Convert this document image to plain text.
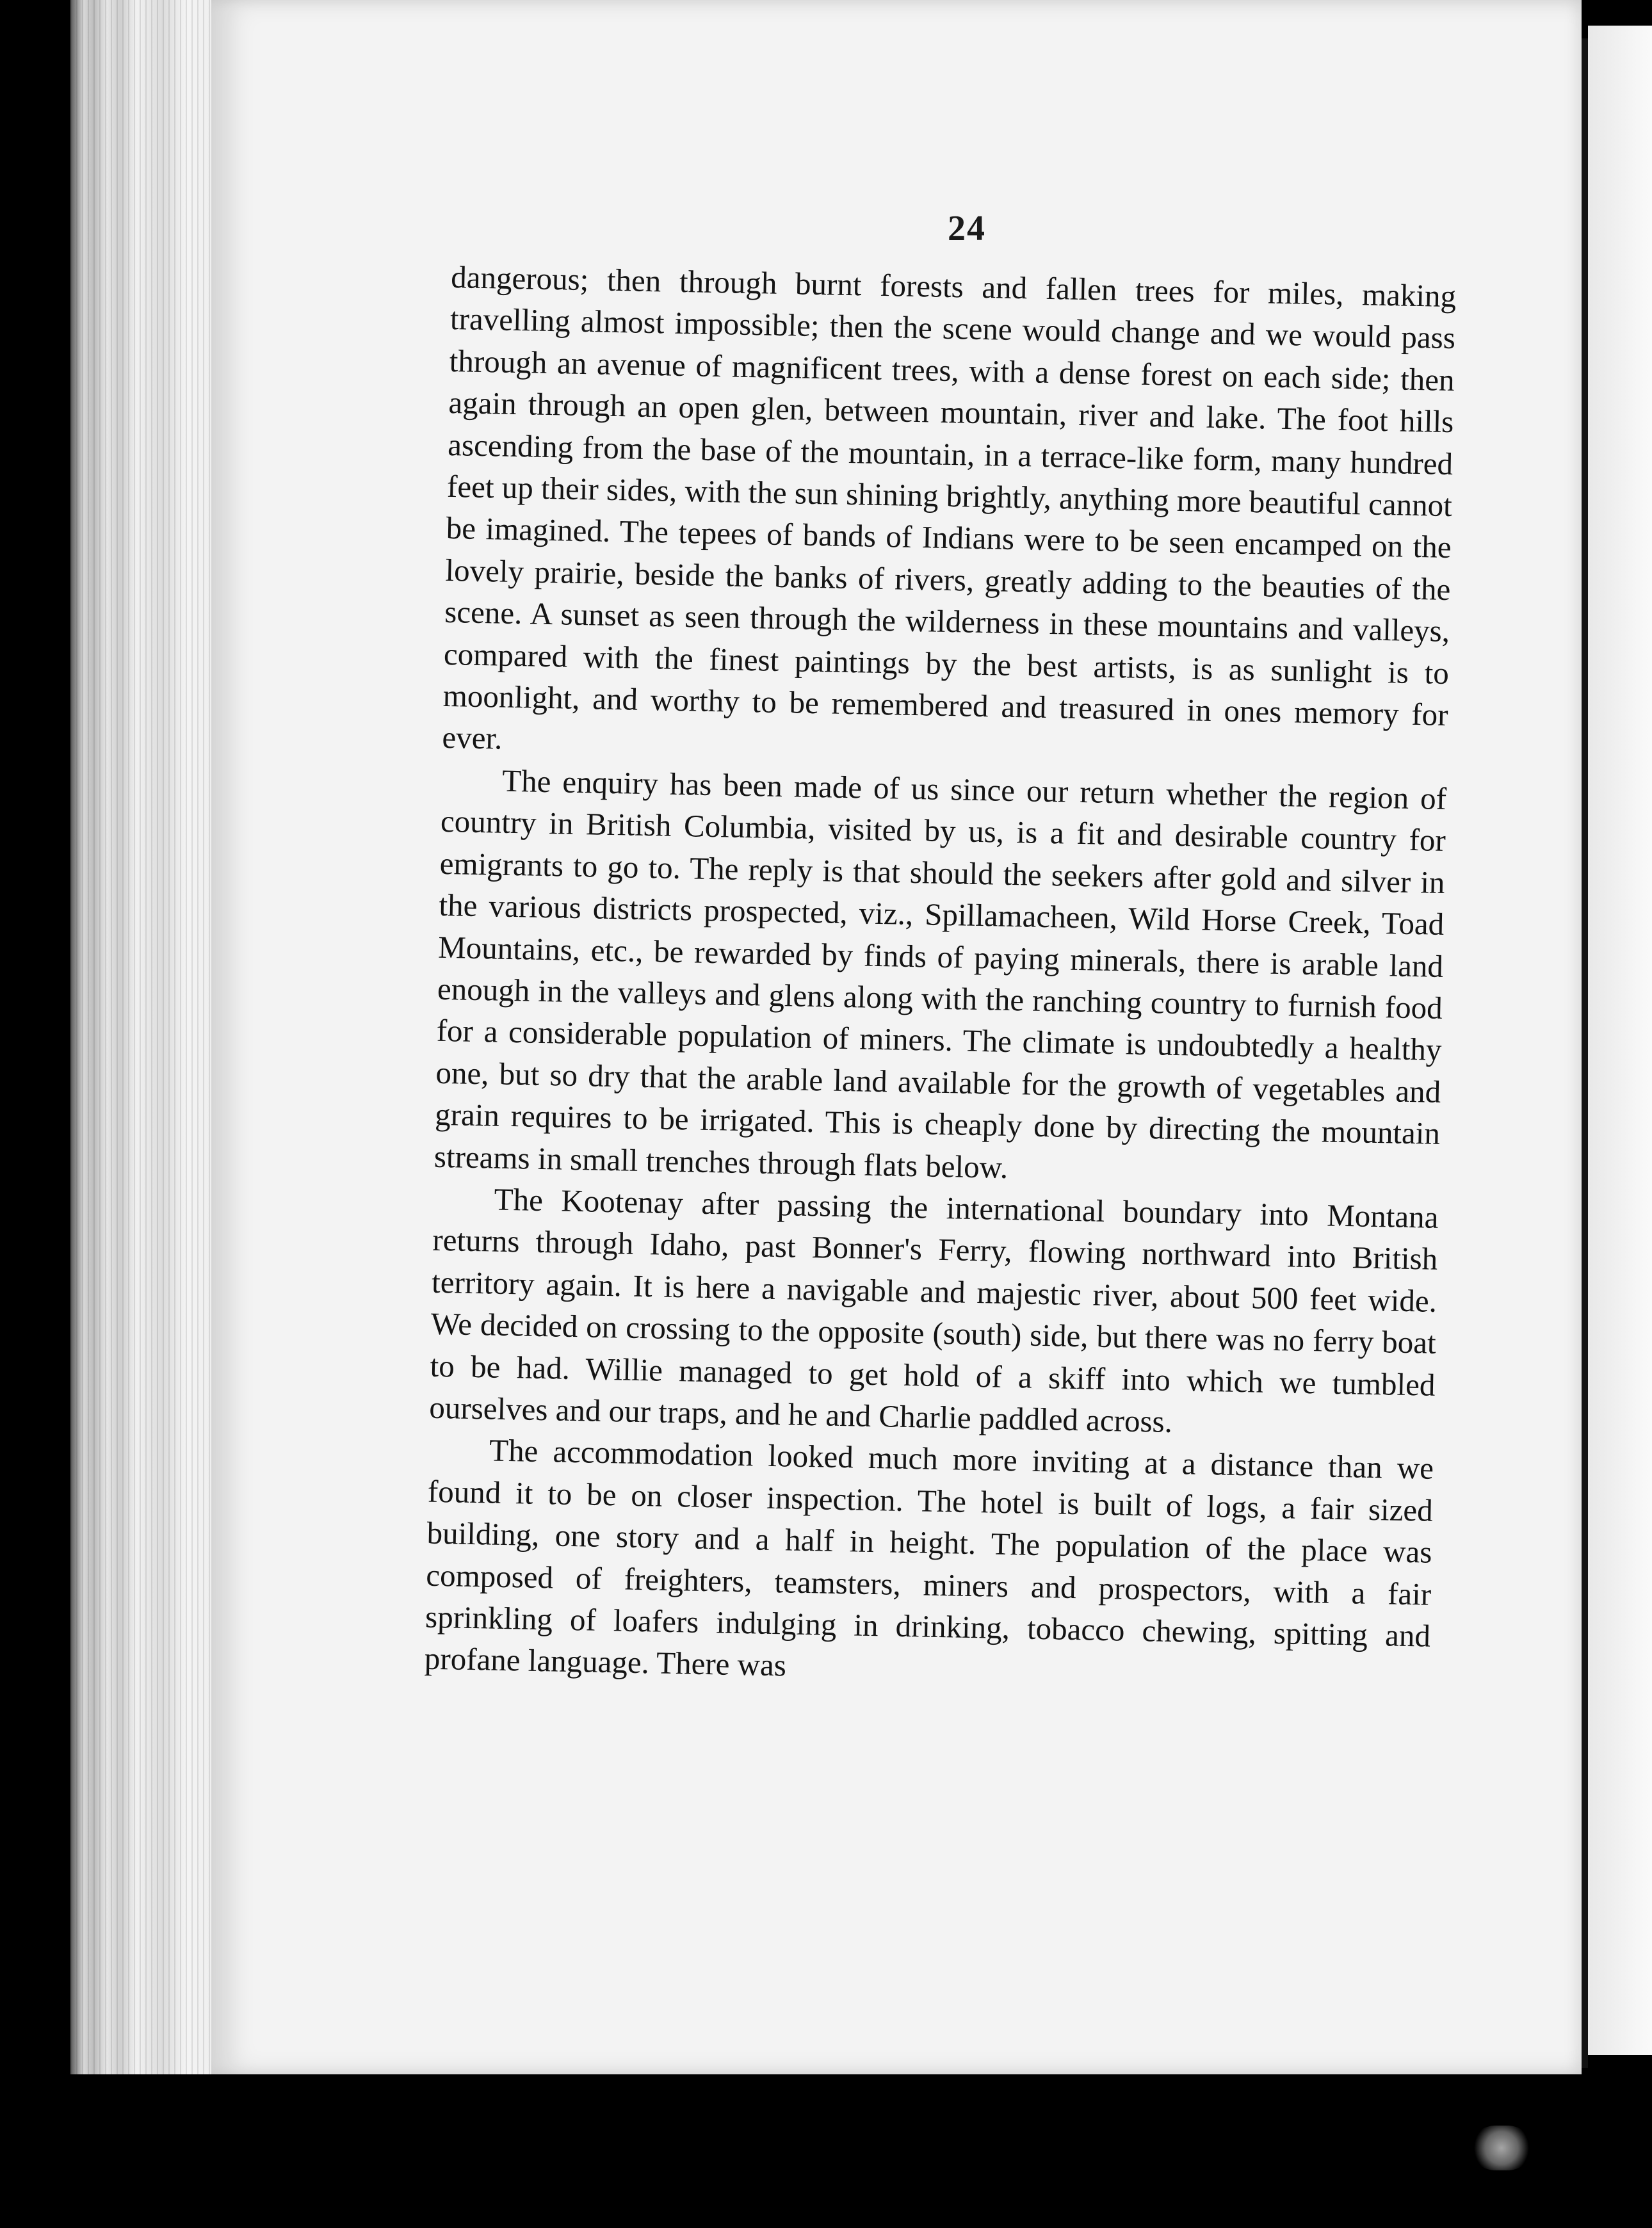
24

dangerous; then through burnt forests and fallen trees for miles, making travelling almost impossible; then the scene would change and we would pass through an avenue of magnificent trees, with a dense forest on each side; then again through an open glen, between mountain, river and lake. The foot hills ascending from the base of the mountain, in a terrace-like form, many hundred feet up their sides, with the sun shining brightly, anything more beautiful cannot be imagined. The tepees of bands of Indians were to be seen encamped on the lovely prairie, beside the banks of rivers, greatly adding to the beauties of the scene. A sunset as seen through the wilderness in these mountains and valleys, compared with the finest paintings by the best artists, is as sunlight is to moonlight, and worthy to be remembered and treasured in ones memory for ever.

The enquiry has been made of us since our return whether the region of country in British Columbia, visited by us, is a fit and desirable country for emigrants to go to. The reply is that should the seekers after gold and silver in the various districts prospected, viz., Spillamacheen, Wild Horse Creek, Toad Mountains, etc., be rewarded by finds of paying minerals, there is arable land enough in the valleys and glens along with the ranching country to furnish food for a considerable population of miners. The climate is undoubtedly a healthy one, but so dry that the arable land available for the growth of vegetables and grain requires to be irrigated. This is cheaply done by directing the mountain streams in small trenches through flats below.

The Kootenay after passing the international boundary into Montana returns through Idaho, past Bonner's Ferry, flowing northward into British territory again. It is here a navigable and majestic river, about 500 feet wide. We decided on crossing to the opposite (south) side, but there was no ferry boat to be had. Willie managed to get hold of a skiff into which we tumbled ourselves and our traps, and he and Charlie paddled across.

The accommodation looked much more inviting at a distance than we found it to be on closer inspection. The hotel is built of logs, a fair sized building, one story and a half in height. The population of the place was composed of freighters, teamsters, miners and prospectors, with a fair sprinkling of loafers indulging in drinking, tobacco chewing, spitting and profane language. There was
